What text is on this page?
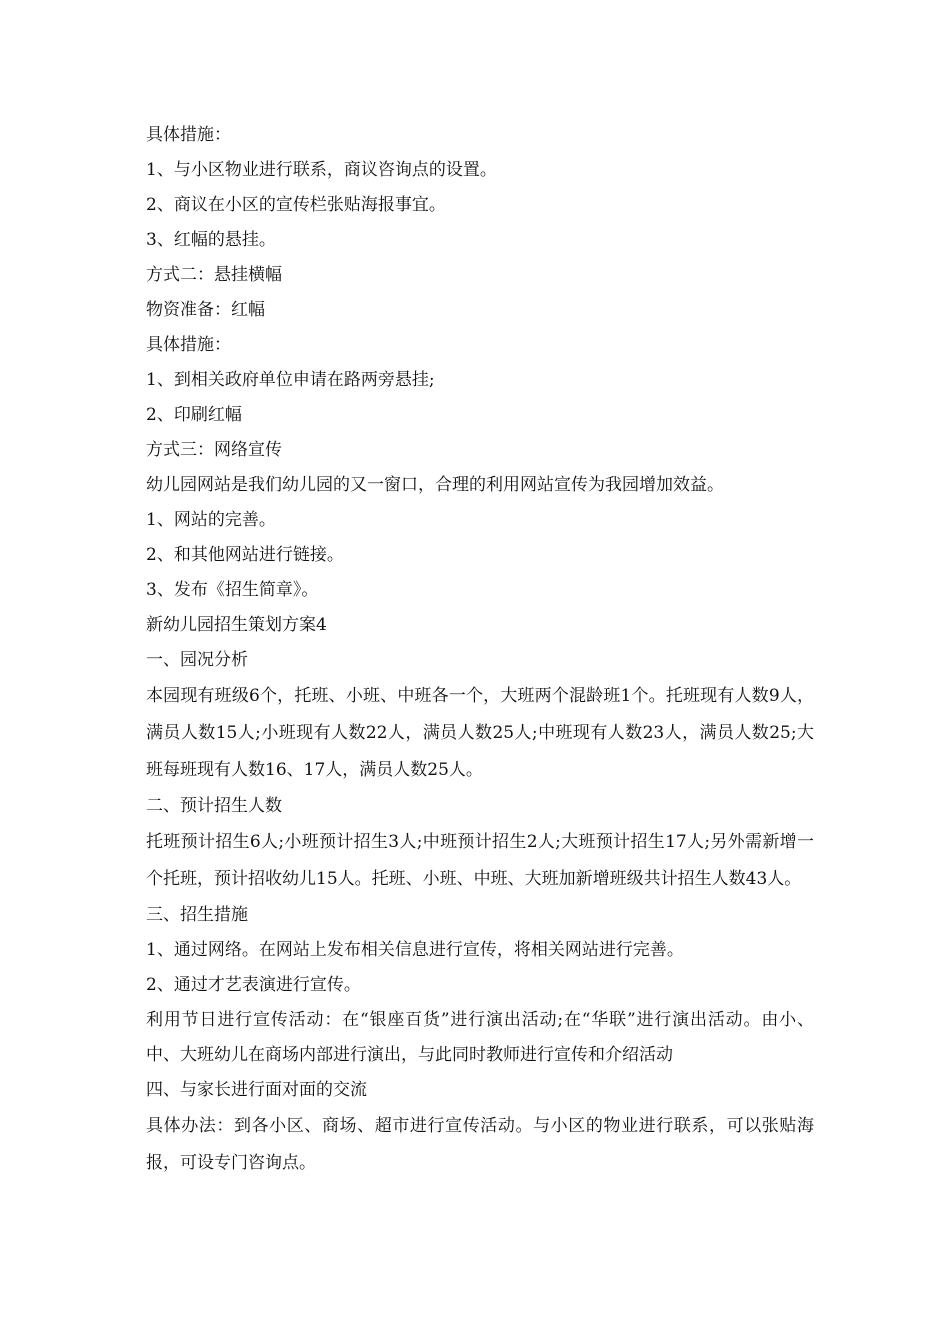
具体措施：

1、与小区物业进行联系，商议咨询点的设置。

2、商议在小区的宣传栏张贴海报事宜。

3、红幅的悬挂。

方式二：悬挂横幅

物资准备：红幅

具体措施：

1、到相关政府单位申请在路两旁悬挂;

2、印刷红幅

方式三：网络宣传

幼儿园网站是我们幼儿园的又一窗口，合理的利用网站宣传为我园增加效益。

1、网站的完善。

2、和其他网站进行链接。

3、发布《招生简章》。

新幼儿园招生策划方案4

一、园况分析

本园现有班级6个，托班、小班、中班各一个，大班两个混龄班1个。托班现有人数9人，满员人数15人;小班现有人数22人，满员人数25人;中班现有人数23人，满员人数25;大班每班现有人数16、17人，满员人数25人。

二、预计招生人数

托班预计招生6人;小班预计招生3人;中班预计招生2人;大班预计招生17人;另外需新增一个托班，预计招收幼儿15人。托班、小班、中班、大班加新增班级共计招生人数43人。

三、招生措施

1、通过网络。在网站上发布相关信息进行宣传，将相关网站进行完善。

2、通过才艺表演进行宣传。

利用节日进行宣传活动：在“银座百货”进行演出活动;在“华联”进行演出活动。由小、中、大班幼儿在商场内部进行演出，与此同时教师进行宣传和介绍活动

四、与家长进行面对面的交流

具体办法：到各小区、商场、超市进行宣传活动。与小区的物业进行联系，可以张贴海报，可设专门咨询点。
